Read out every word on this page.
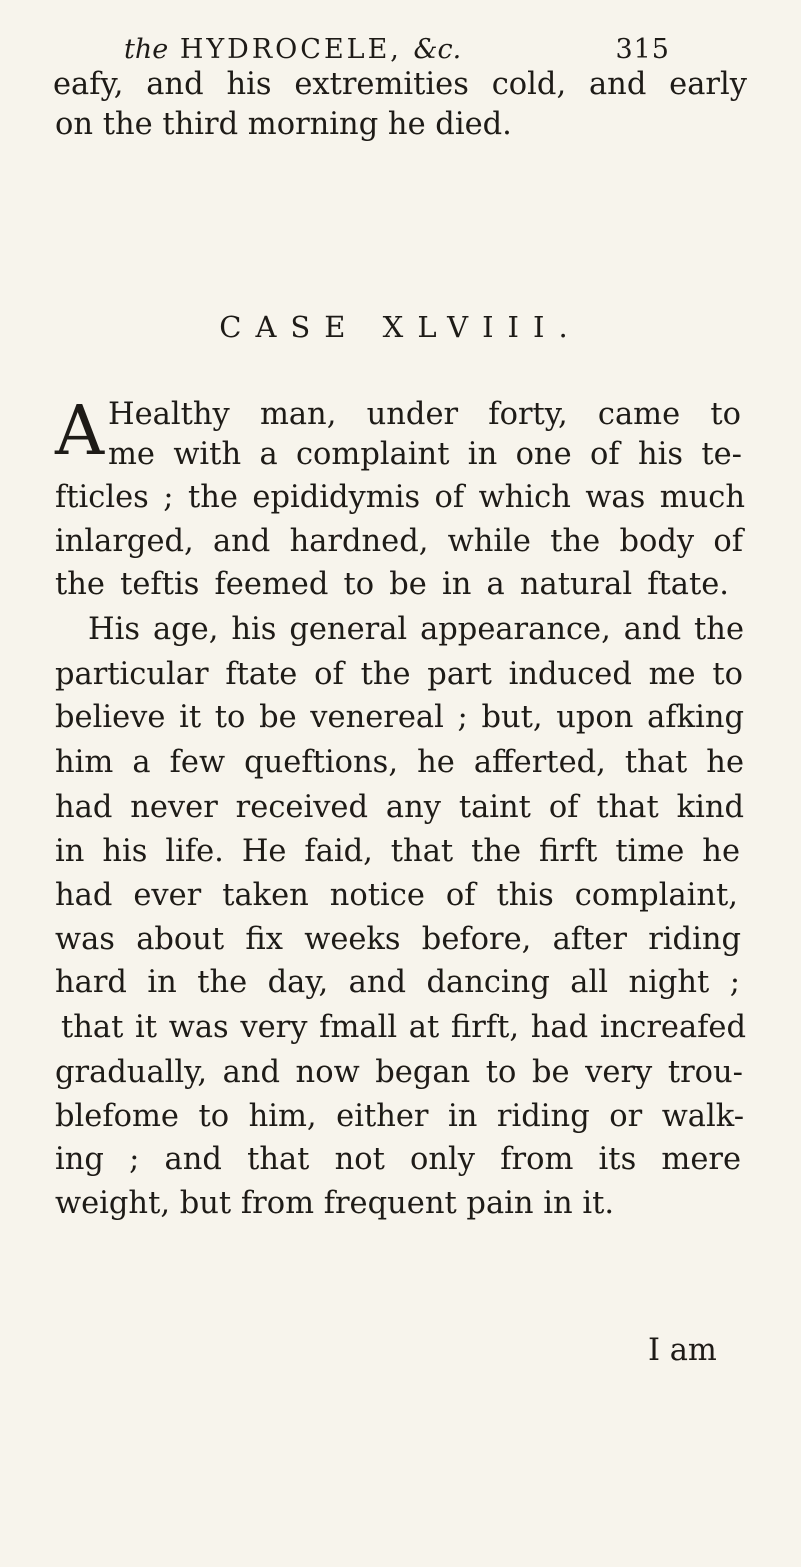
the HYDROCELE, &c.	315
eafy, and his extremities cold, and early
on the third morning he died.
CASE XLVIII.
A Healthy man, under forty, came to
me with a complaint in one of his te-
fticles ; the epididymis of which was much
inlarged, and hardned, while the body of
the teftis feemed to be in a natural ftate.
His age, his general appearance, and the
particular ftate of the part induced me to
believe it to be venereal ; but, upon afking
him a few queftions, he afferted, that he
had never received any taint of that kind
in his life. He faid, that the firft time he
had ever taken notice of this complaint,
was about fix weeks before, after riding
hard in the day, and dancing all night ;
that it was very fmall at firft, had increafed
gradually, and now began to be very trou-
blefome to him, either in riding or walk-
ing ; and that not only from its mere
weight, but from frequent pain in it.
I am
